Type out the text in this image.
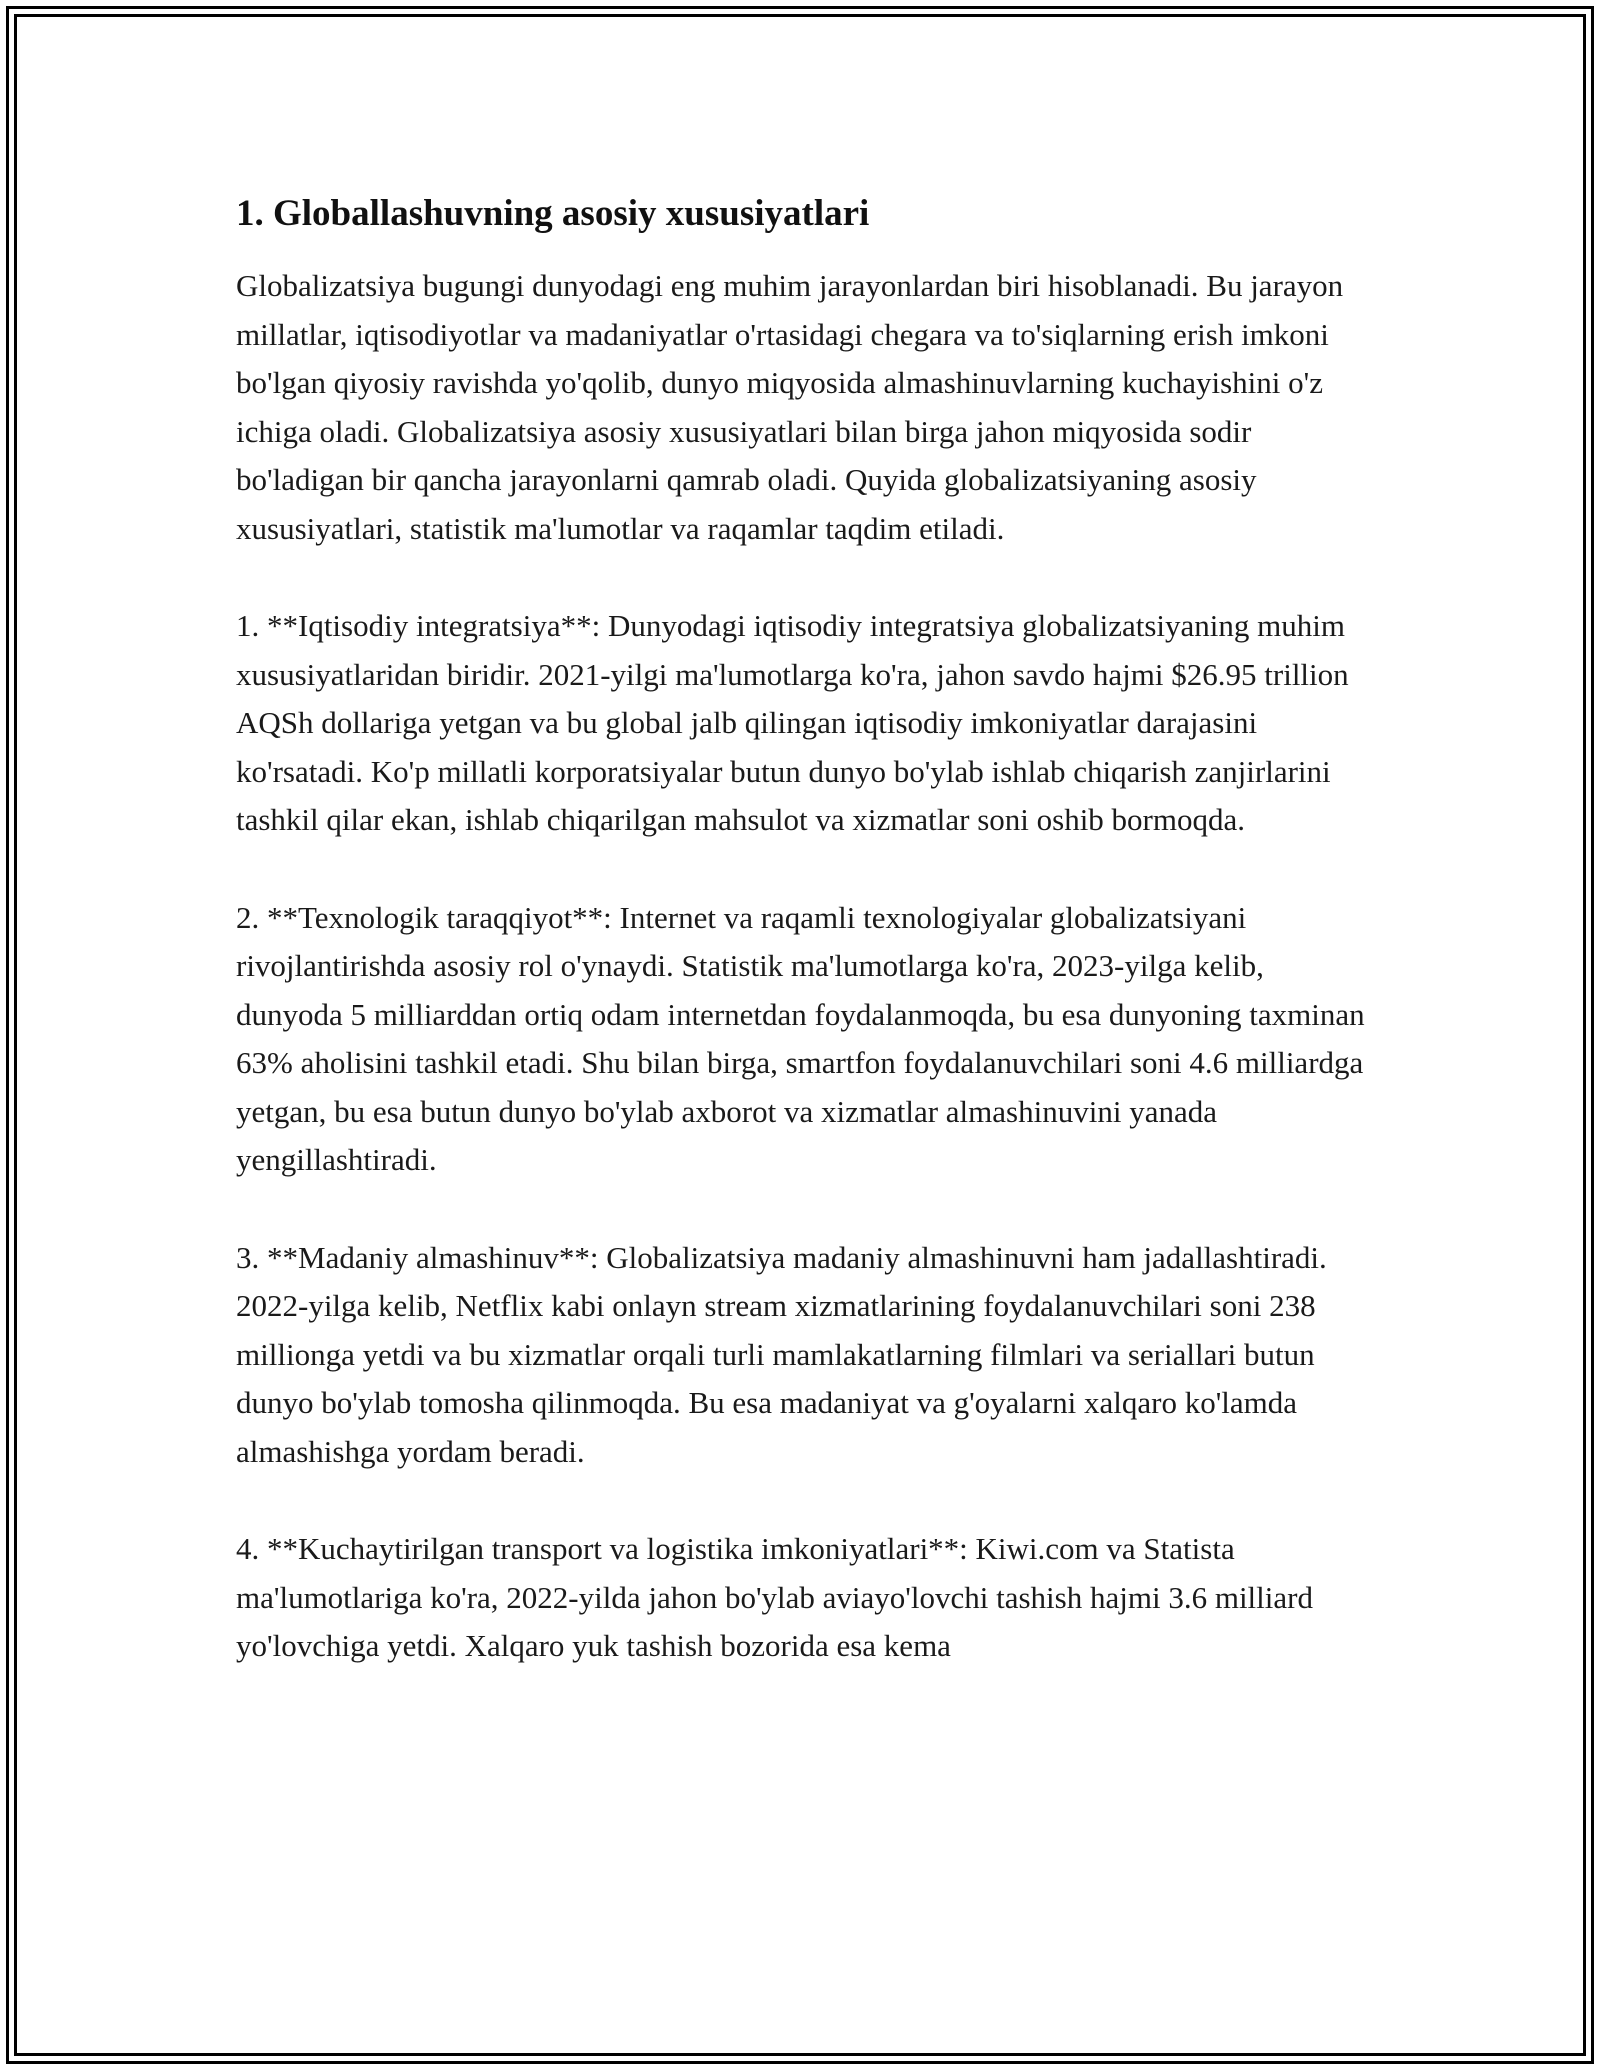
1. Globallashuvning asosiy xususiyatlari

Globalizatsiya bugungi dunyodagi eng muhim jarayonlardan biri hisoblanadi. Bu jarayon millatlar, iqtisodiyotlar va madaniyatlar o'rtasidagi chegara va to'siqlarning erish imkoni bo'lgan qiyosiy ravishda yo'qolib, dunyo miqyosida almashinuvlarning kuchayishini o'z ichiga oladi. Globalizatsiya asosiy xususiyatlari bilan birga jahon miqyosida sodir bo'ladigan bir qancha jarayonlarni qamrab oladi. Quyida globalizatsiyaning asosiy xususiyatlari, statistik ma'lumotlar va raqamlar taqdim etiladi.

1. **Iqtisodiy integratsiya**: Dunyodagi iqtisodiy integratsiya globalizatsiyaning muhim xususiyatlaridan biridir. 2021-yilgi ma'lumotlarga ko'ra, jahon savdo hajmi $26.95 trillion AQSh dollariga yetgan va bu global jalb qilingan iqtisodiy imkoniyatlar darajasini ko'rsatadi. Ko'p millatli korporatsiyalar butun dunyo bo'ylab ishlab chiqarish zanjirlarini tashkil qilar ekan, ishlab chiqarilgan mahsulot va xizmatlar soni oshib bormoqda.

2. **Texnologik taraqqiyot**: Internet va raqamli texnologiyalar globalizatsiyani rivojlantirishda asosiy rol o'ynaydi. Statistik ma'lumotlarga ko'ra, 2023-yilga kelib, dunyoda 5 milliarddan ortiq odam internetdan foydalanmoqda, bu esa dunyoning taxminan 63% aholisini tashkil etadi. Shu bilan birga, smartfon foydalanuvchilari soni 4.6 milliardga yetgan, bu esa butun dunyo bo'ylab axborot va xizmatlar almashinuvini yanada yengillashtiradi.

3. **Madaniy almashinuv**: Globalizatsiya madaniy almashinuvni ham jadallashtiradi. 2022-yilga kelib, Netflix kabi onlayn stream xizmatlarining foydalanuvchilari soni 238 millionga yetdi va bu xizmatlar orqali turli mamlakatlarning filmlari va seriallari butun dunyo bo'ylab tomosha qilinmoqda. Bu esa madaniyat va g'oyalarni xalqaro ko'lamda almashishga yordam beradi.

4. **Kuchaytirilgan transport va logistika imkoniyatlari**: Kiwi.com va Statista ma'lumotlariga ko'ra, 2022-yilda jahon bo'ylab aviayo'lovchi tashish hajmi 3.6 milliard yo'lovchiga yetdi. Xalqaro yuk tashish bozorida esa kema
